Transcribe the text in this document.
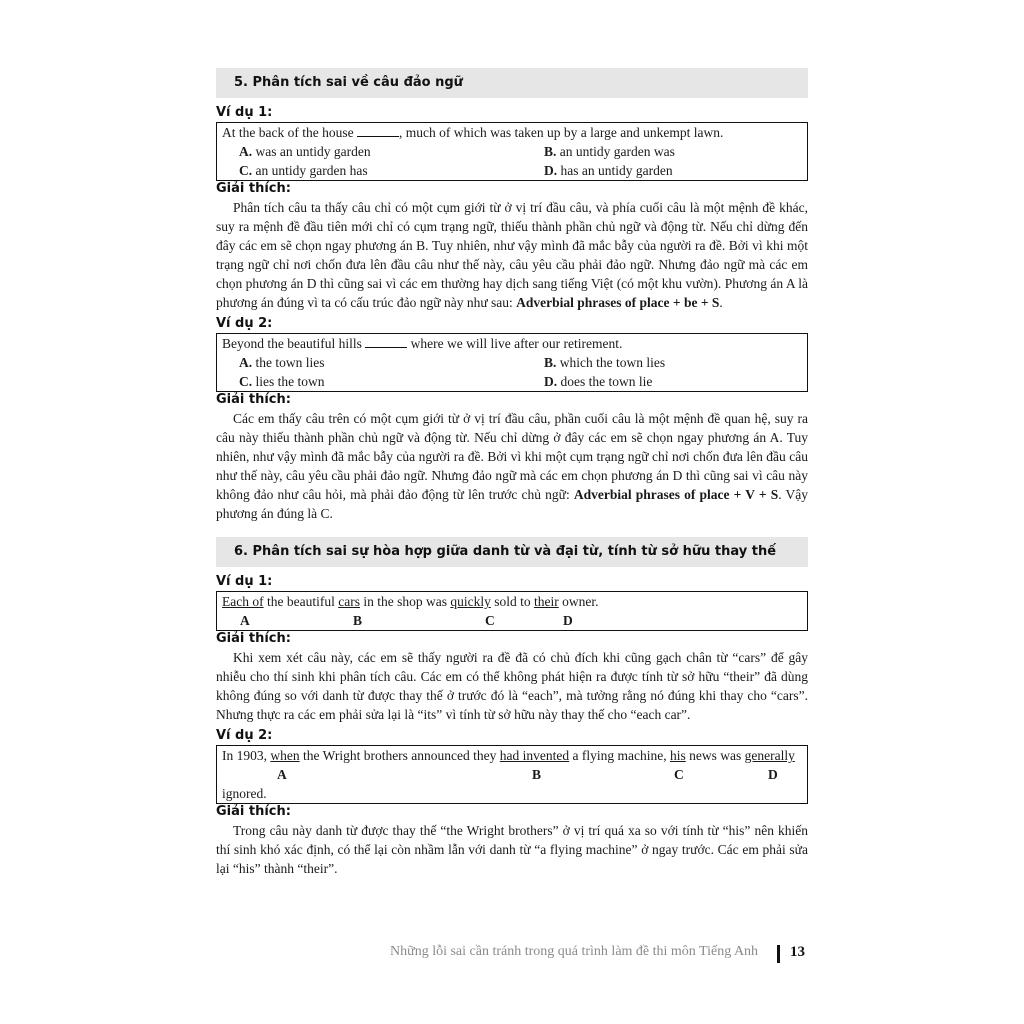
5. Phân tích sai về câu đảo ngữ
Ví dụ 1:
At the back of the house	, much of which was taken up by a large and unkempt lawn.
A. was an untidy garden	B. an untidy garden was
C. an untidy garden has	D. has an untidy garden
Giải thích:

Phân tích câu ta thấy câu chỉ có một cụm giới từ ở vị trí đầu câu, và phía cuối câu là một mệnh đề khác, suy ra mệnh đề đầu tiên mới chỉ có cụm trạng ngữ, thiếu thành phần chủ ngữ và động từ. Nếu chỉ dừng đến đây các em sẽ chọn ngay phương án B. Tuy nhiên, như vậy mình đã mắc bẫy của người ra đề. Bởi vì khi một trạng ngữ chỉ nơi chốn đưa lên đầu câu như thế này, câu yêu cầu phải đảo ngữ. Nhưng đảo ngữ mà các em chọn phương án D thì cũng sai vì các em thường hay dịch sang tiếng Việt (có một khu vườn). Phương án A là phương án đúng vì ta có cấu trúc đảo ngữ này như sau: Adverbial phrases of place + be + S.

Ví dụ 2:
Beyond the beautiful hills	where we will live after our retirement.
A. the town lies	B. which the town lies
C. lies the town	D. does the town lie
Giải thích:

Các em thấy câu trên có một cụm giới từ ở vị trí đầu câu, phần cuối câu là một mệnh đề quan hệ, suy ra câu này thiếu thành phần chủ ngữ và động từ. Nếu chỉ dừng ở đây các em sẽ chọn ngay phương án A. Tuy nhiên, như vậy mình đã mắc bẫy của người ra đề. Bởi vì khi một cụm trạng ngữ chỉ nơi chốn đưa lên đầu câu như thế này, câu yêu cầu phải đảo ngữ. Nhưng đảo ngữ mà các em chọn phương án D thì cũng sai vì câu này không đảo như câu hỏi, mà phải đảo động từ lên trước chủ ngữ: Adverbial phrases of place + V + S. Vậy phương án đúng là C.

6. Phân tích sai sự hòa hợp giữa danh từ và đại từ, tính từ sở hữu thay thế
Ví dụ 1:
Each of the beautiful cars in the shop was quickly sold to their owner.
A	B	C	D
Giải thích:

Khi xem xét câu này, các em sẽ thấy người ra đề đã có chủ đích khi cũng gạch chân từ “cars” để gây nhiễu cho thí sinh khi phân tích câu. Các em có thể không phát hiện ra được tính từ sở hữu “their” đã dùng không đúng so với danh từ được thay thế ở trước đó là “each”, mà tưởng rằng nó đúng khi thay cho “cars”. Nhưng thực ra các em phải sửa lại là “its” vì tính từ sở hữu này thay thế cho “each car”.

Ví dụ 2:
In 1903, when the Wright brothers announced they had invented a flying machine, his news was generally
A	B	C	D
ignored.
Giải thích:

Trong câu này danh từ được thay thế “the Wright brothers” ở vị trí quá xa so với tính từ “his” nên khiến thí sinh khó xác định, có thể lại còn nhầm lẫn với danh từ “a flying machine” ở ngay trước. Các em phải sửa lại “his” thành “their”.

Những lỗi sai cần tránh trong quá trình làm đề thi môn Tiếng Anh 13
